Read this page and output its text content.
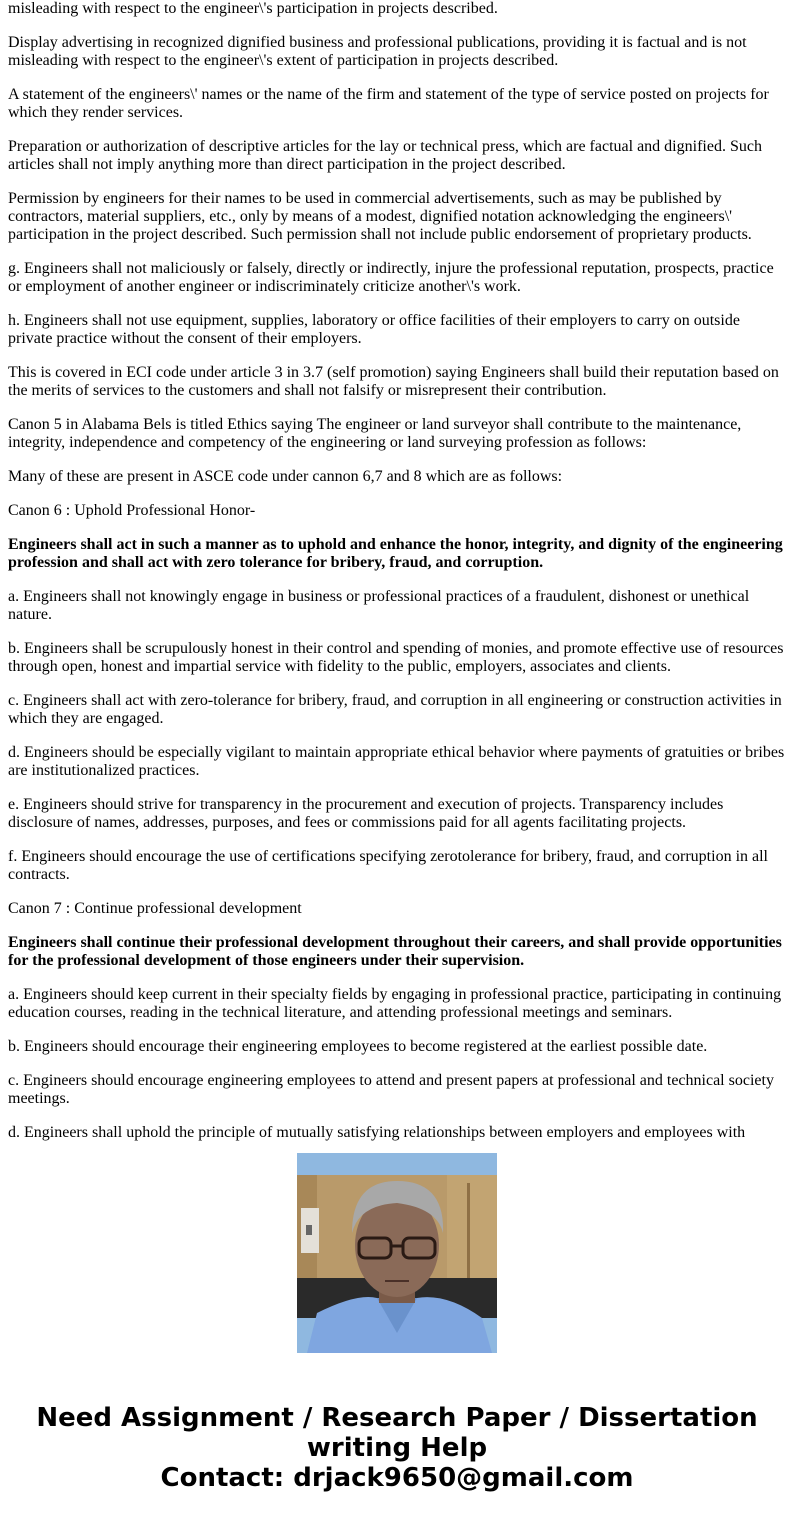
misleading with respect to the engineer\'s participation in projects described.

Display advertising in recognized dignified business and professional publications, providing it is factual and is not misleading with respect to the engineer\'s extent of participation in projects described.

A statement of the engineers\' names or the name of the firm and statement of the type of service posted on projects for which they render services.

Preparation or authorization of descriptive articles for the lay or technical press, which are factual and dignified. Such articles shall not imply anything more than direct participation in the project described.

Permission by engineers for their names to be used in commercial advertisements, such as may be published by contractors, material suppliers, etc., only by means of a modest, dignified notation acknowledging the engineers\' participation in the project described. Such permission shall not include public endorsement of proprietary products.

g. Engineers shall not maliciously or falsely, directly or indirectly, injure the professional reputation, prospects, practice or employment of another engineer or indiscriminately criticize another\'s work.

h. Engineers shall not use equipment, supplies, laboratory or office facilities of their employers to carry on outside private practice without the consent of their employers.

This is covered in ECI code under article 3 in 3.7 (self promotion) saying Engineers shall build their reputation based on the merits of services to the customers and shall not falsify or misrepresent their contribution.

Canon 5 in Alabama Bels is titled Ethics saying The engineer or land surveyor shall contribute to the maintenance, integrity, independence and competency of the engineering or land surveying profession as follows:

Many of these are present in ASCE code under cannon 6,7 and 8 which are as follows:

Canon 6 : Uphold Professional Honor-

Engineers shall act in such a manner as to uphold and enhance the honor, integrity, and dignity of the engineering profession and shall act with zero tolerance for bribery, fraud, and corruption.

a. Engineers shall not knowingly engage in business or professional practices of a fraudulent, dishonest or unethical nature.

b. Engineers shall be scrupulously honest in their control and spending of monies, and promote effective use of resources through open, honest and impartial service with fidelity to the public, employers, associates and clients.

c. Engineers shall act with zero-tolerance for bribery, fraud, and corruption in all engineering or construction activities in which they are engaged.

d. Engineers should be especially vigilant to maintain appropriate ethical behavior where payments of gratuities or bribes are institutionalized practices.

e. Engineers should strive for transparency in the procurement and execution of projects. Transparency includes disclosure of names, addresses, purposes, and fees or commissions paid for all agents facilitating projects.

f. Engineers should encourage the use of certifications specifying zerotolerance for bribery, fraud, and corruption in all contracts.

Canon 7 : Continue professional development

Engineers shall continue their professional development throughout their careers, and shall provide opportunities for the professional development of those engineers under their supervision.

a. Engineers should keep current in their specialty fields by engaging in professional practice, participating in continuing education courses, reading in the technical literature, and attending professional meetings and seminars.

b. Engineers should encourage their engineering employees to become registered at the earliest possible date.

c. Engineers should encourage engineering employees to attend and present papers at professional and technical society meetings.

d. Engineers shall uphold the principle of mutually satisfying relationships between employers and employees with

Need Assignment / Research Paper / Dissertation
writing Help
Contact: drjack9650@gmail.com
